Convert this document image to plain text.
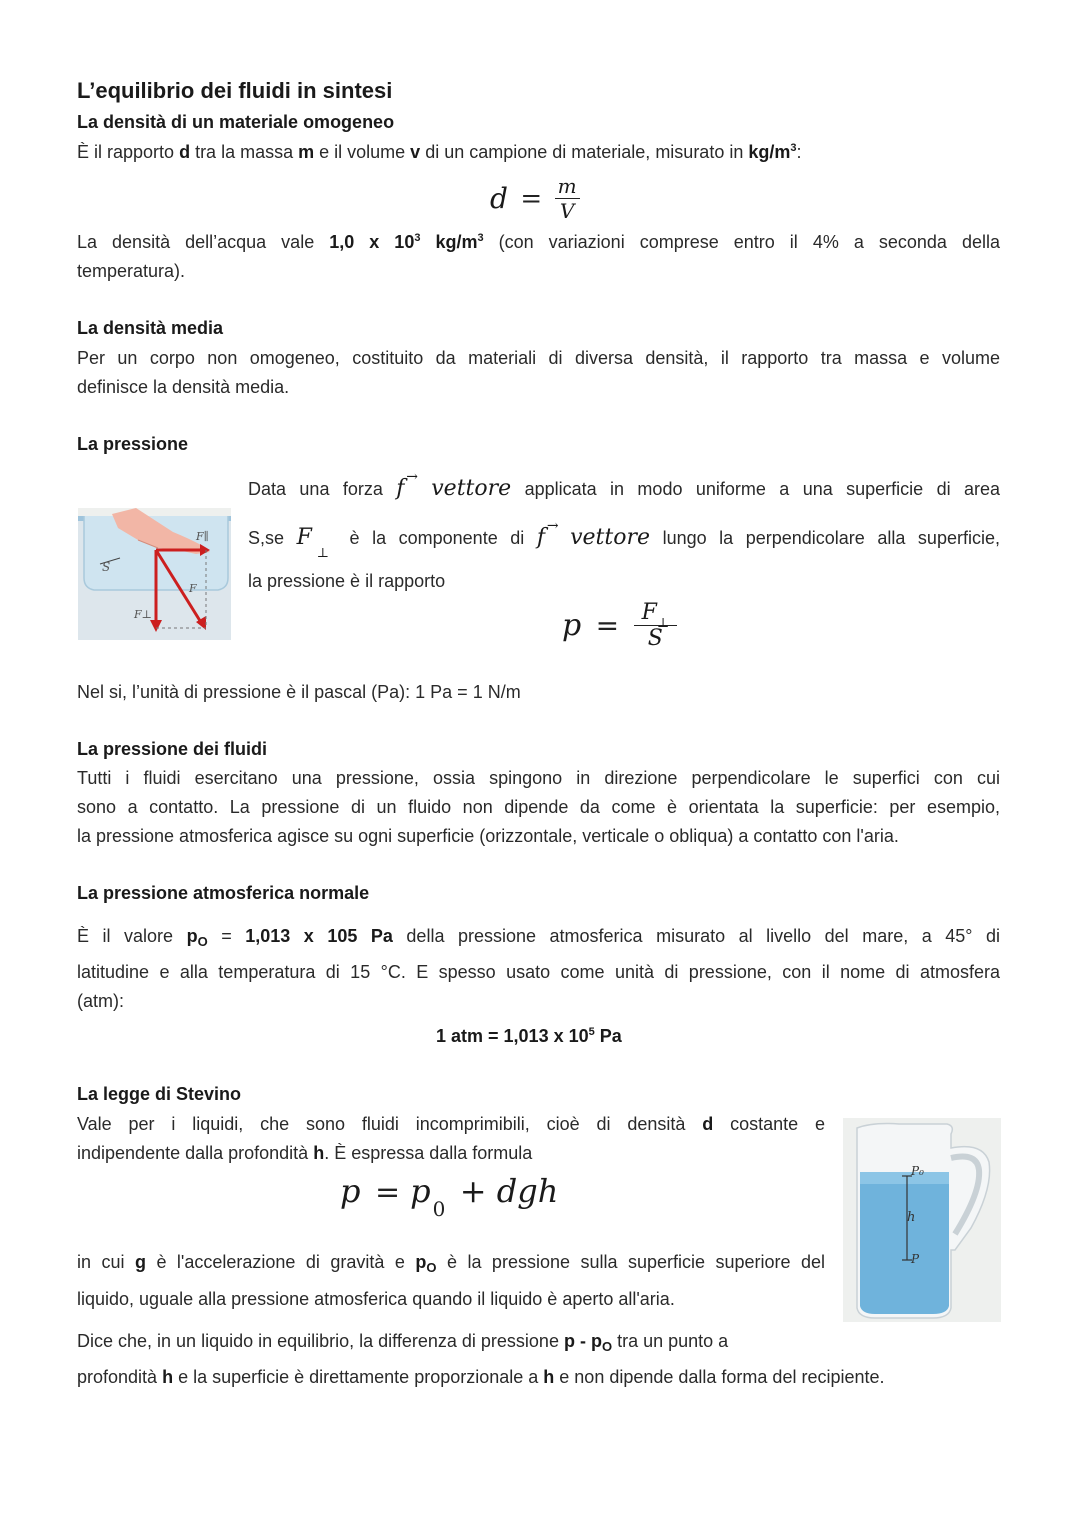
L’equilibrio dei fluidi in sintesi
La densità di un materiale omogeneo
È il rapporto d tra la massa m e il volume v di un campione di materiale, misurato in $kg/m^3$:
$d = \frac{m}{V}$
La densità dell’acqua vale 1,0 x $10^3$ $kg/m^3$ (con variazioni comprese entro il 4% a seconda della
temperatura).
La densità media
Per un corpo non omogeneo, costituito da materiali di diversa densità, il rapporto tra massa e volume
definisce la densità media.
La pressione
S
F∥
F
F⊥
Data una forza f → vettore applicata in modo uniforme a una superficie di area
S,se F
⊥
è la componente di f → vettore lungo la perpendicolare alla superficie,
la pressione è il rapporto
$p = \frac{F_\perp}{S}$
Nel si, l’unità di pressione è il pascal (Pa): 1 Pa = 1 N/m
La pressione dei fluidi
Tutti i fluidi esercitano una pressione, ossia spingono in direzione perpendicolare le superfici con cui
sono a contatto. La pressione di un fluido non dipende da come è orientata la superficie: per esempio,
la pressione atmosferica agisce su ogni superficie (orizzontale, verticale o obliqua) a contatto con l'aria.
La pressione atmosferica normale
È il valore $p_O = 1,013$ x 105 Pa della pressione atmosferica misurato al livello del mare, a 45° di
latitudine e alla temperatura di 15 °C. E spesso usato come unità di pressione, con il nome di atmosfera
(atm):
1 atm = 1,013 x $10^5$ Pa
La legge di Stevino
Vale per i liquidi, che sono fluidi incomprimibili, cioè di densità d costante e
indipendente dalla profondità h. È espressa dalla formula
p = p 0 + dgh
P₀
h
P
in cui g è l'accelerazione di gravità e $p_O$ è la pressione sulla superficie superiore del
liquido, uguale alla pressione atmosferica quando il liquido è aperto all'aria.
Dice che, in un liquido in equilibrio, la differenza di pressione p - $p_O$ tra un punto a
profondità h e la superficie è direttamente proporzionale a h e non dipende dalla forma del recipiente.
